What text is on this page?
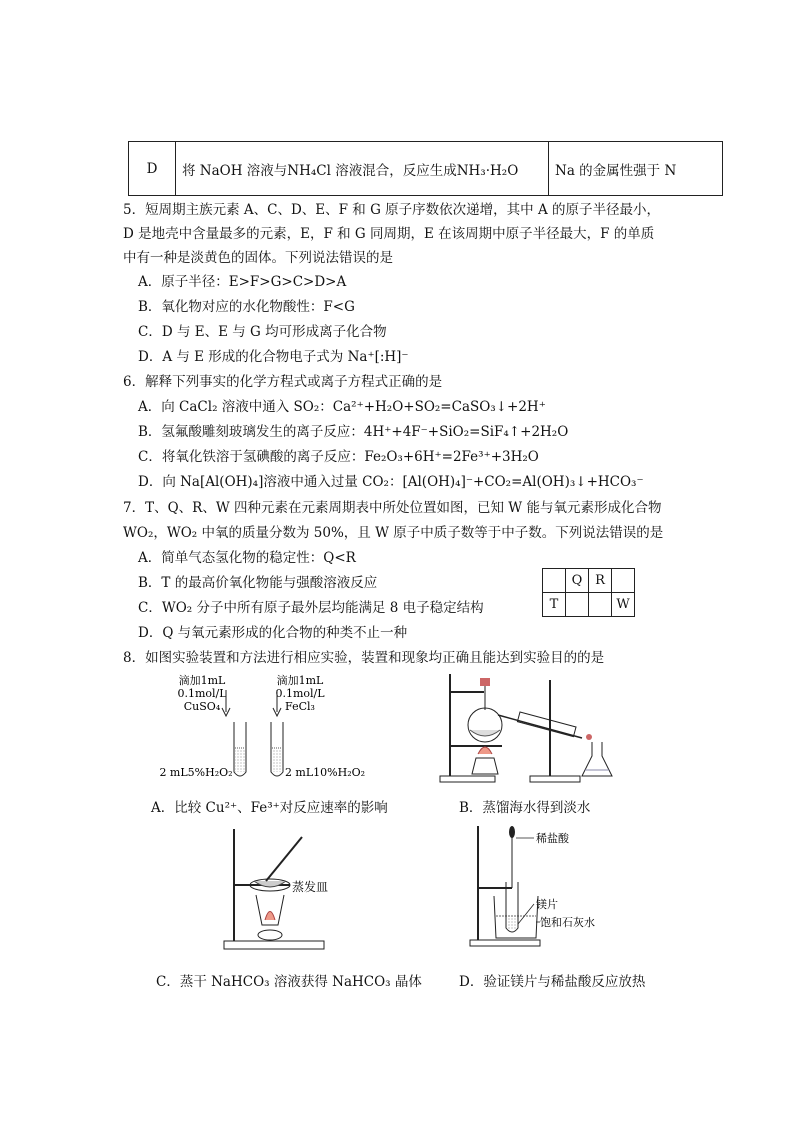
D	将 NaOH 溶液与NH₄Cl 溶液混合，反应生成NH₃·H₂O	Na 的金属性强于 N
5．短周期主族元素 A、C、D、E、F 和 G 原子序数依次递增，其中 A 的原子半径最小，
D 是地壳中含量最多的元素，E，F 和 G 同周期，E 在该周期中原子半径最大，F 的单质
中有一种是淡黄色的固体。下列说法错误的是
A．原子半径：E>F>G>C>D>A
B．氧化物对应的水化物酸性：F<G
C．D 与 E、E 与 G 均可形成离子化合物
D．A 与 E 形成的化合物电子式为 Na⁺[:H]⁻
6．解释下列事实的化学方程式或离子方程式正确的是
A．向 CaCl₂ 溶液中通入 SO₂：Ca²⁺+H₂O+SO₂=CaSO₃↓+2H⁺
B．氢氟酸雕刻玻璃发生的离子反应：4H⁺+4F⁻+SiO₂=SiF₄↑+2H₂O
C．将氧化铁溶于氢碘酸的离子反应：Fe₂O₃+6H⁺=2Fe³⁺+3H₂O
D．向 Na[Al(OH)₄]溶液中通入过量 CO₂：[Al(OH)₄]⁻+CO₂=Al(OH)₃↓+HCO₃⁻
7．T、Q、R、W 四种元素在元素周期表中所处位置如图，已知 W 能与氧元素形成化合物
WO₂，WO₂ 中氧的质量分数为 50%，且 W 原子中质子数等于中子数。下列说法错误的是
A．简单气态氢化物的稳定性：Q<R
B．T 的最高价氧化物能与强酸溶液反应
C．WO₂ 分子中所有原子最外层均能满足 8 电子稳定结构
D．Q 与氧元素形成的化合物的种类不止一种
	Q	R	
T			W
8．如图实验装置和方法进行相应实验，装置和现象均正确且能达到实验目的的是
滴加1mL
0.1mol/L
CuSO₄
滴加1mL
0.1mol/L
FeCl₃
2 mL5%H₂O₂	2 mL10%H₂O₂
A．比较 Cu²⁺、Fe³⁺对反应速率的影响	B．蒸馏海水得到淡水
蒸发皿
C．蒸干 NaHCO₃ 溶液获得 NaHCO₃ 晶体
稀盐酸
镁片
饱和石灰水
D．验证镁片与稀盐酸反应放热
